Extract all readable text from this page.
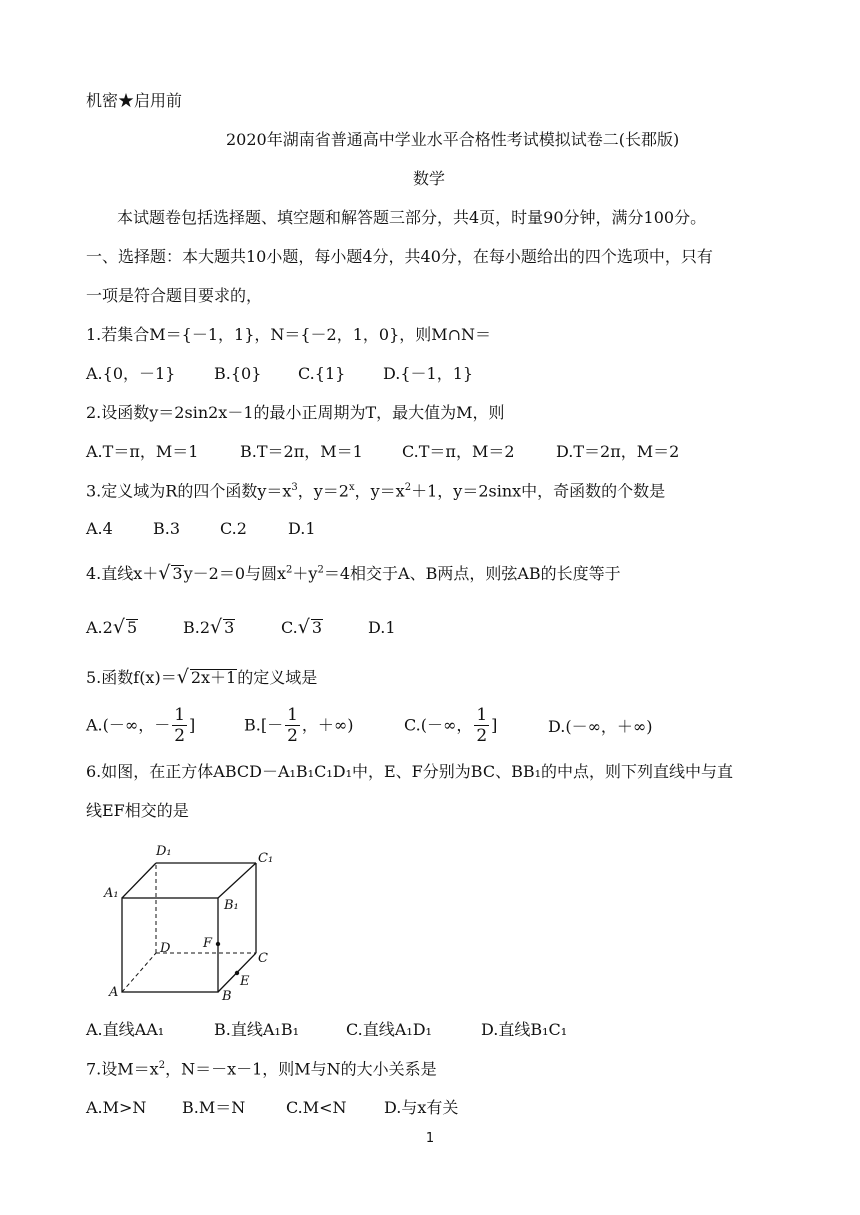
机密★启用前
2020年湖南省普通高中学业水平合格性考试模拟试卷二(长郡版)
数学
本试题卷包括选择题、填空题和解答题三部分，共4页，时量90分钟，满分100分。
一、选择题：本大题共10小题，每小题4分，共40分，在每小题给出的四个选项中，只有
一项是符合题目要求的，
1.若集合M＝{－1，1}，N＝{－2，1，0}，则M∩N＝
A.{0，－1} B.{0} C.{1} D.{－1，1}
2.设函数y＝2sin2x－1的最小正周期为T，最大值为M，则
A.T＝π，M＝1	B.T＝2π，M＝1 C.T＝π，M＝2	D.T＝2π，M＝2
3.定义域为R的四个函数$y=x^3$，$y=2^x$，$y=x^2+1$，y＝2sinx中，奇函数的个数是
A.4	B.3 C.2	D.1
4.直线x＋√ 3y－2＝0与圆$x^2+y^2=4$相交于A、B两点，则弦AB的长度等于
A.2√ 5	B.2√ 3	C.√ 3	D.1
5.函数f(x)＝√ 2x＋1的定义域是
A.(－∞，－ $\frac{1}{2}$ ]	$B.[- \frac{1}{2}$ ，＋∞)	C.(－∞， $\frac{1}{2}$ ]	D.(－∞，＋∞)
6.如图，在正方体ABCD－A₁B₁C₁D₁中，E、F分别为BC、BB₁的中点，则下列直线中与直
线EF相交的是
D₁	C₁
A₁
B₁
D	F
C
E
A	B
A.直线AA₁	B.直线A₁B₁	C.直线A₁D₁	D.直线B₁C₁
7.设$M=x^2$，N＝－x－1，则M与N的大小关系是
A.M>N B.M＝N	C.M<N D.与x有关
1
